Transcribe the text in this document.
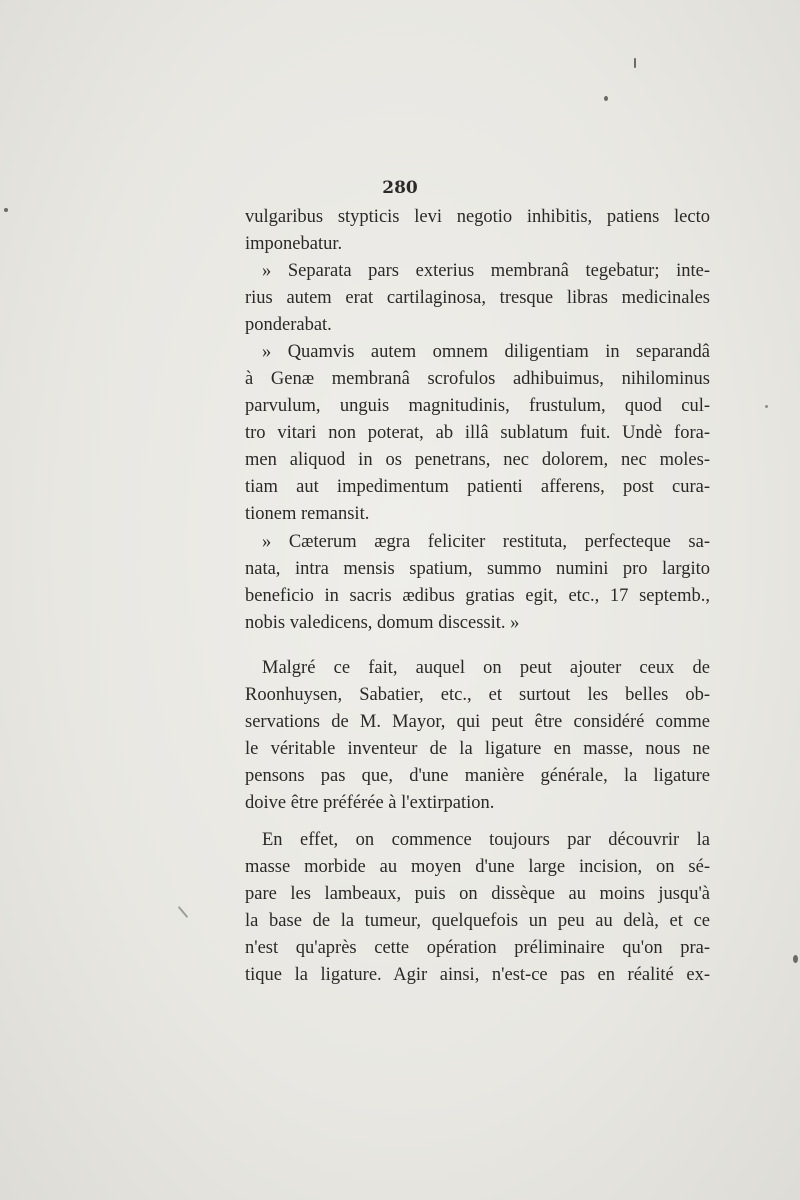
280
vulgaribus stypticis levi negotio inhibitis, patiens lecto
imponebatur.
» Separata pars exterius membranâ tegebatur; inte-
rius autem erat cartilaginosa, tresque libras medicinales
ponderabat.
» Quamvis autem omnem diligentiam in separandâ
à Genæ membranâ scrofulos adhibuimus, nihilominus
parvulum, unguis magnitudinis, frustulum, quod cul-
tro vitari non poterat, ab illâ sublatum fuit. Undè fora-
men aliquod in os penetrans, nec dolorem, nec moles-
tiam aut impedimentum patienti afferens, post cura-
tionem remansit.
» Cæterum ægra feliciter restituta, perfecteque sa-
nata, intra mensis spatium, summo numini pro largito
beneficio in sacris ædibus gratias egit, etc., 17 septemb.,
nobis valedicens, domum discessit. »
Malgré ce fait, auquel on peut ajouter ceux de
Roonhuysen, Sabatier, etc., et surtout les belles ob-
servations de M. Mayor, qui peut être considéré comme
le véritable inventeur de la ligature en masse, nous ne
pensons pas que, d'une manière générale, la ligature
doive être préférée à l'extirpation.
En effet, on commence toujours par découvrir la
masse morbide au moyen d'une large incision, on sé-
pare les lambeaux, puis on dissèque au moins jusqu'à
la base de la tumeur, quelquefois un peu au delà, et ce
n'est qu'après cette opération préliminaire qu'on pra-
tique la ligature. Agir ainsi, n'est-ce pas en réalité ex-
